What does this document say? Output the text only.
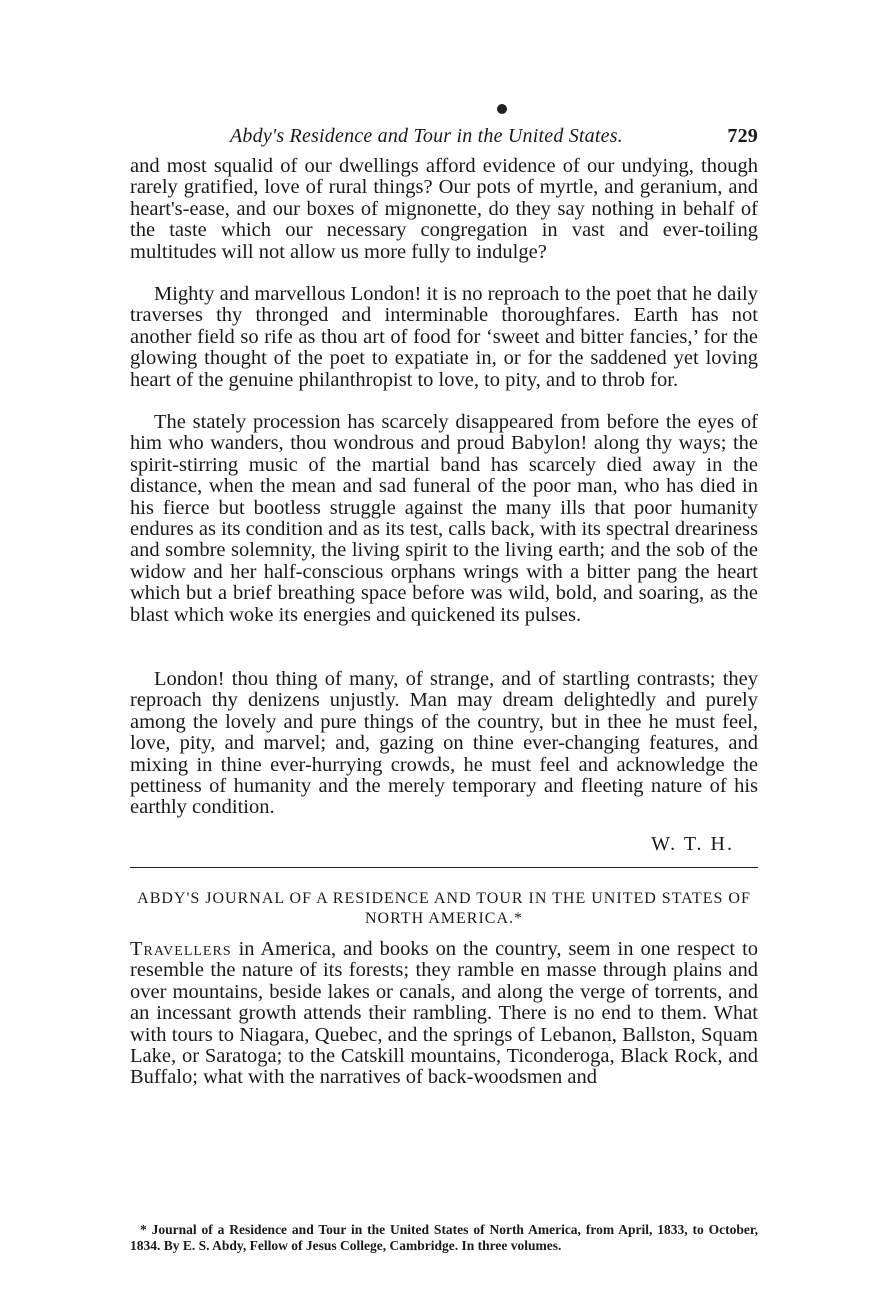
Abdy's Residence and Tour in the United States.	729

and most squalid of our dwellings afford evidence of our undying, though rarely gratified, love of rural things? Our pots of myrtle, and geranium, and heart's-ease, and our boxes of mignonette, do they say nothing in behalf of the taste which our necessary congregation in vast and ever-toiling multitudes will not allow us more fully to indulge?

Mighty and marvellous London! it is no reproach to the poet that he daily traverses thy thronged and interminable thoroughfares. Earth has not another field so rife as thou art of food for ‘sweet and bitter fancies,’ for the glowing thought of the poet to expatiate in, or for the saddened yet loving heart of the genuine philanthropist to love, to pity, and to throb for.

The stately procession has scarcely disappeared from before the eyes of him who wanders, thou wondrous and proud Babylon! along thy ways; the spirit-stirring music of the martial band has scarcely died away in the distance, when the mean and sad funeral of the poor man, who has died in his fierce but bootless struggle against the many ills that poor humanity endures as its condition and as its test, calls back, with its spectral dreariness and sombre solemnity, the living spirit to the living earth; and the sob of the widow and her half-conscious orphans wrings with a bitter pang the heart which but a brief breathing space before was wild, bold, and soaring, as the blast which woke its energies and quickened its pulses.

London! thou thing of many, of strange, and of startling contrasts; they reproach thy denizens unjustly. Man may dream delightedly and purely among the lovely and pure things of the country, but in thee he must feel, love, pity, and marvel; and, gazing on thine ever-changing features, and mixing in thine ever-hurrying crowds, he must feel and acknowledge the pettiness of humanity and the merely temporary and fleeting nature of his earthly condition.

W. T. H.
ABDY'S JOURNAL OF A RESIDENCE AND TOUR IN THE UNITED STATES OF NORTH AMERICA.*

Travellers in America, and books on the country, seem in one respect to resemble the nature of its forests; they ramble en masse through plains and over mountains, beside lakes or canals, and along the verge of torrents, and an incessant growth attends their rambling. There is no end to them. What with tours to Niagara, Quebec, and the springs of Lebanon, Ballston, Squam Lake, or Saratoga; to the Catskill mountains, Ticonderoga, Black Rock, and Buffalo; what with the narratives of back-woodsmen and

* Journal of a Residence and Tour in the United States of North America, from April, 1833, to October, 1834. By E. S. Abdy, Fellow of Jesus College, Cambridge. In three volumes.
